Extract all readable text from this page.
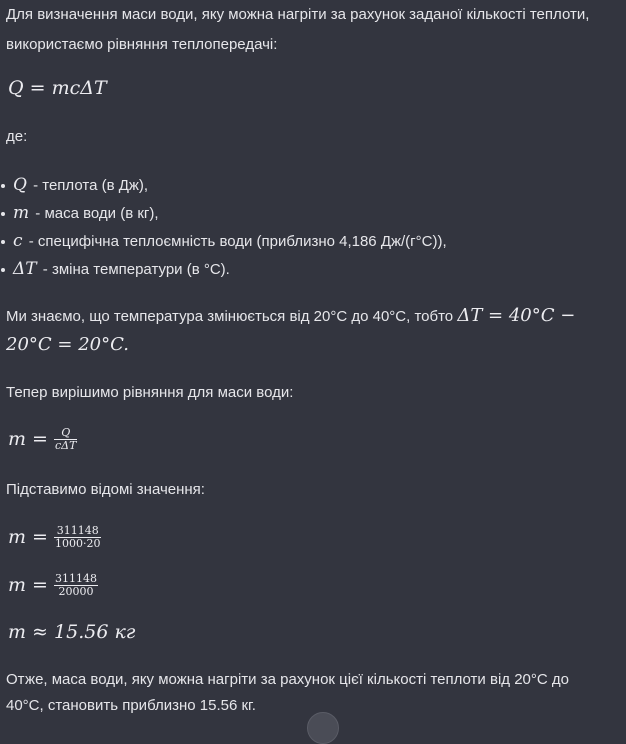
Для визначення маси води, яку можна нагріти за рахунок заданої кількості теплоти,

використаємо рівняння теплопередачі:

Q = mcΔT

де:

Q - теплота (в Дж),
m - маса води (в кг),
c - специфічна теплоємність води (приблизно 4,186 Дж/(г°C)),
ΔT - зміна температури (в °C).
Ми знаємо, що температура змінюється від 20°C до 40°C, тобто ΔT = 40°C −
20°C = 20°C.

Тепер вирішимо рівняння для маси води:

$m = \frac{Q}{\text{cΔT}}$

Підставимо відомі значення:

$m = \frac{311148}{1000\cdot 20}$
$m = \frac{311148}{20000}$
m ≈ 15.56 кг

Отже, маса води, яку можна нагріти за рахунок цієї кількості теплоти від 20°C до

40°C, становить приблизно 15.56 кг.
